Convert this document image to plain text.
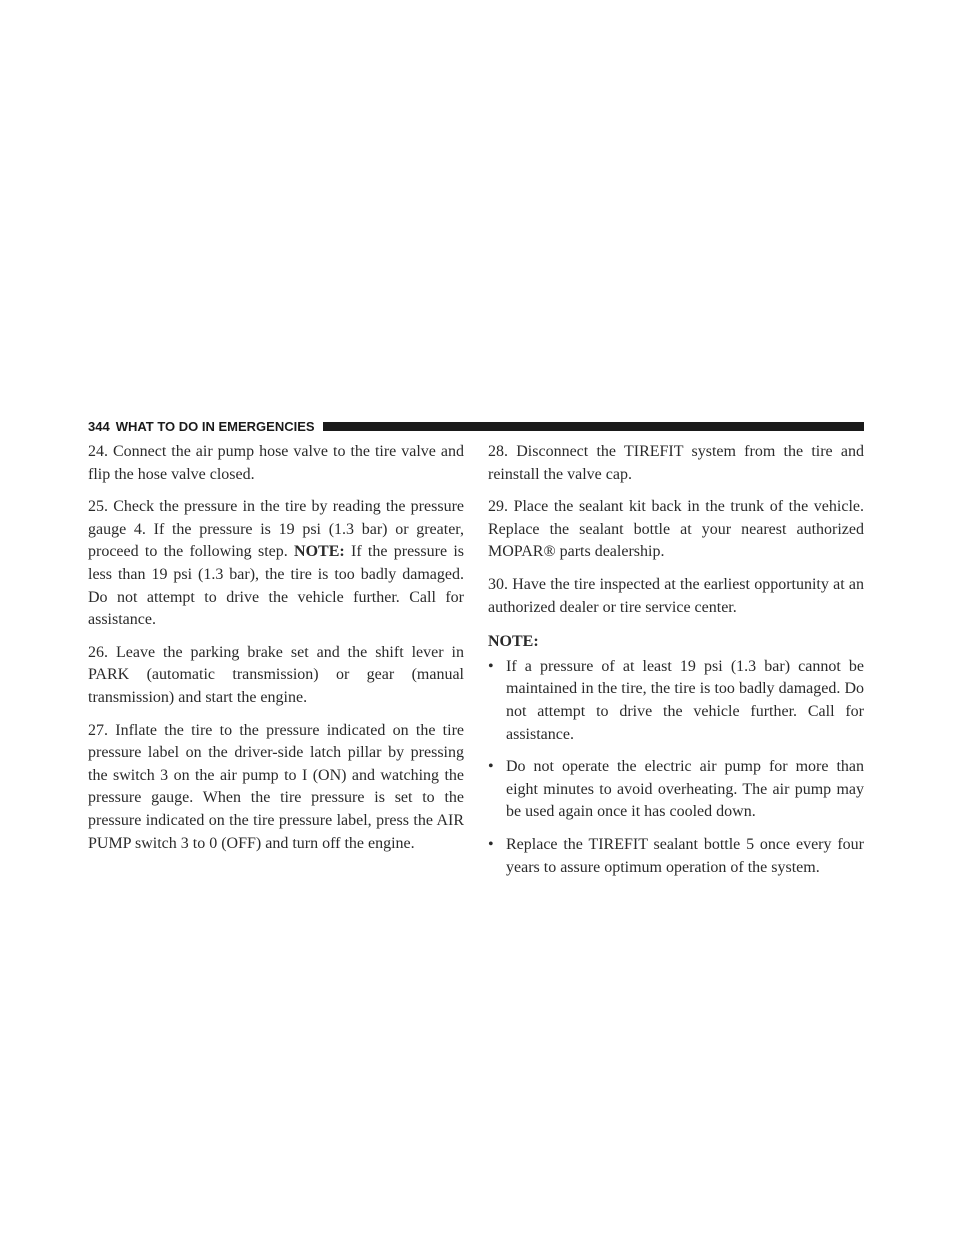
344 WHAT TO DO IN EMERGENCIES

24. Connect the air pump hose valve to the tire valve and flip the hose valve closed.

25. Check the pressure in the tire by reading the pressure gauge 4. If the pressure is 19 psi (1.3 bar) or greater, proceed to the following step. NOTE: If the pressure is less than 19 psi (1.3 bar), the tire is too badly damaged. Do not attempt to drive the vehicle further. Call for assistance.

26. Leave the parking brake set and the shift lever in PARK (automatic transmission) or gear (manual transmission) and start the engine.

27. Inflate the tire to the pressure indicated on the tire pressure label on the driver-side latch pillar by pressing the switch 3 on the air pump to I (ON) and watching the pressure gauge. When the tire pressure is set to the pressure indicated on the tire pressure label, press the AIR PUMP switch 3 to 0 (OFF) and turn off the engine.

28. Disconnect the TIREFIT system from the tire and reinstall the valve cap.

29. Place the sealant kit back in the trunk of the vehicle. Replace the sealant bottle at your nearest authorized MOPAR® parts dealership.

30. Have the tire inspected at the earliest opportunity at an authorized dealer or tire service center.

NOTE:
• If a pressure of at least 19 psi (1.3 bar) cannot be maintained in the tire, the tire is too badly damaged. Do not attempt to drive the vehicle further. Call for assistance.
• Do not operate the electric air pump for more than eight minutes to avoid overheating. The air pump may be used again once it has cooled down.
• Replace the TIREFIT sealant bottle 5 once every four years to assure optimum operation of the system.
